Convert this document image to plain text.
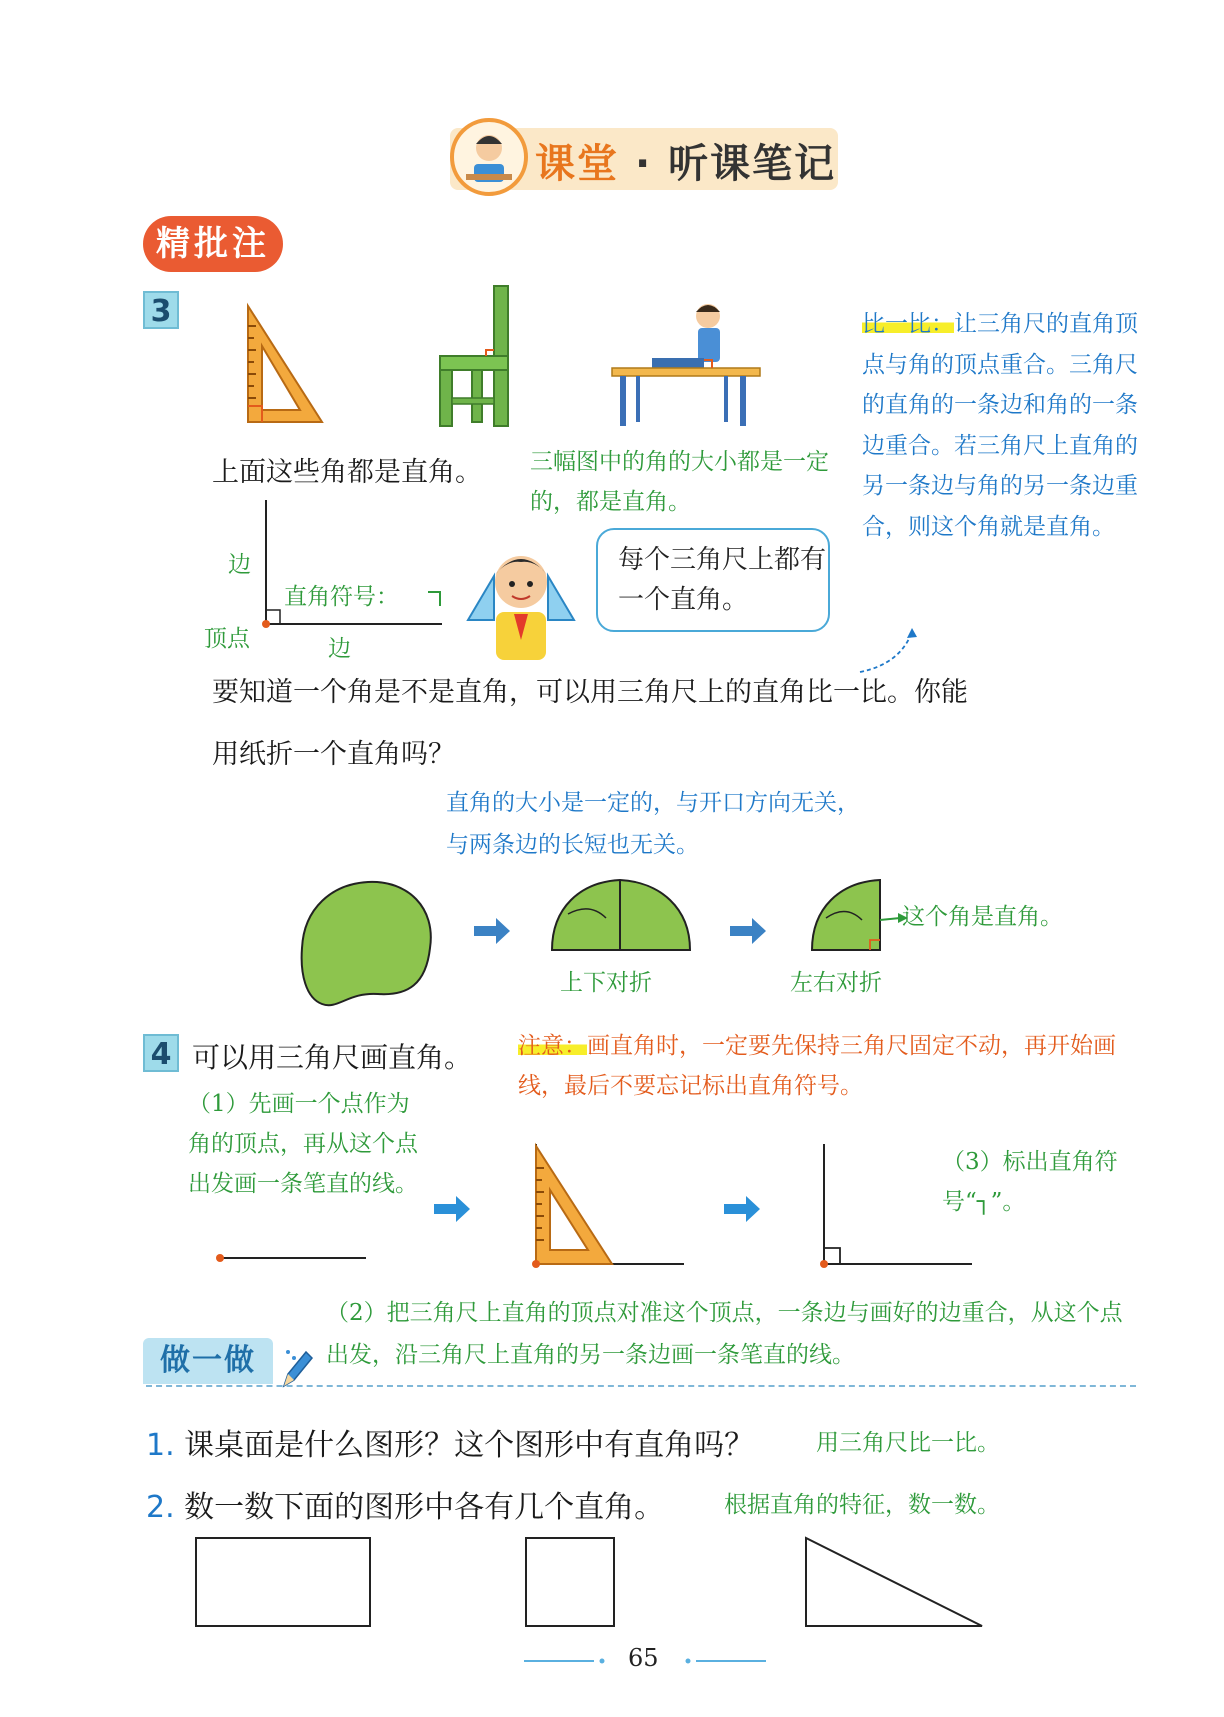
课堂 · 听课笔记
精批注
3
上面这些角都是直角。 三幅图中的角的大小都是一定的，都是直角。
边
直角符号：
顶点	边
每个三角尺上都有一个直角。
比一比：让三角尺的直角顶点与角的顶点重合。三角尺的直角的一条边和角的一条边重合。若三角尺上直角的另一条边与角的另一条边重合，则这个角就是直角。
要知道一个角是不是直角，可以用三角尺上的直角比一比。你能
用纸折一个直角吗？
直角的大小是一定的，与开口方向无关，与两条边的长短也无关。
这个角是直角。
上下对折	左右对折
4 可以用三角尺画直角。 注意：画直角时，一定要先保持三角尺固定不动，再开始画线，最后不要忘记标出直角符号。
（1）先画一个点作为角的顶点，再从这个点出发画一条笔直的线。
（3）标出直角符号“┐”。
（2）把三角尺上直角的顶点对准这个顶点，一条边与画好的边重合，从这个点出发，沿三角尺上直角的另一条边画一条笔直的线。
做一做
1. 课桌面是什么图形？这个图形中有直角吗？	用三角尺比一比。
2. 数一数下面的图形中各有几个直角。	根据直角的特征，数一数。
65
